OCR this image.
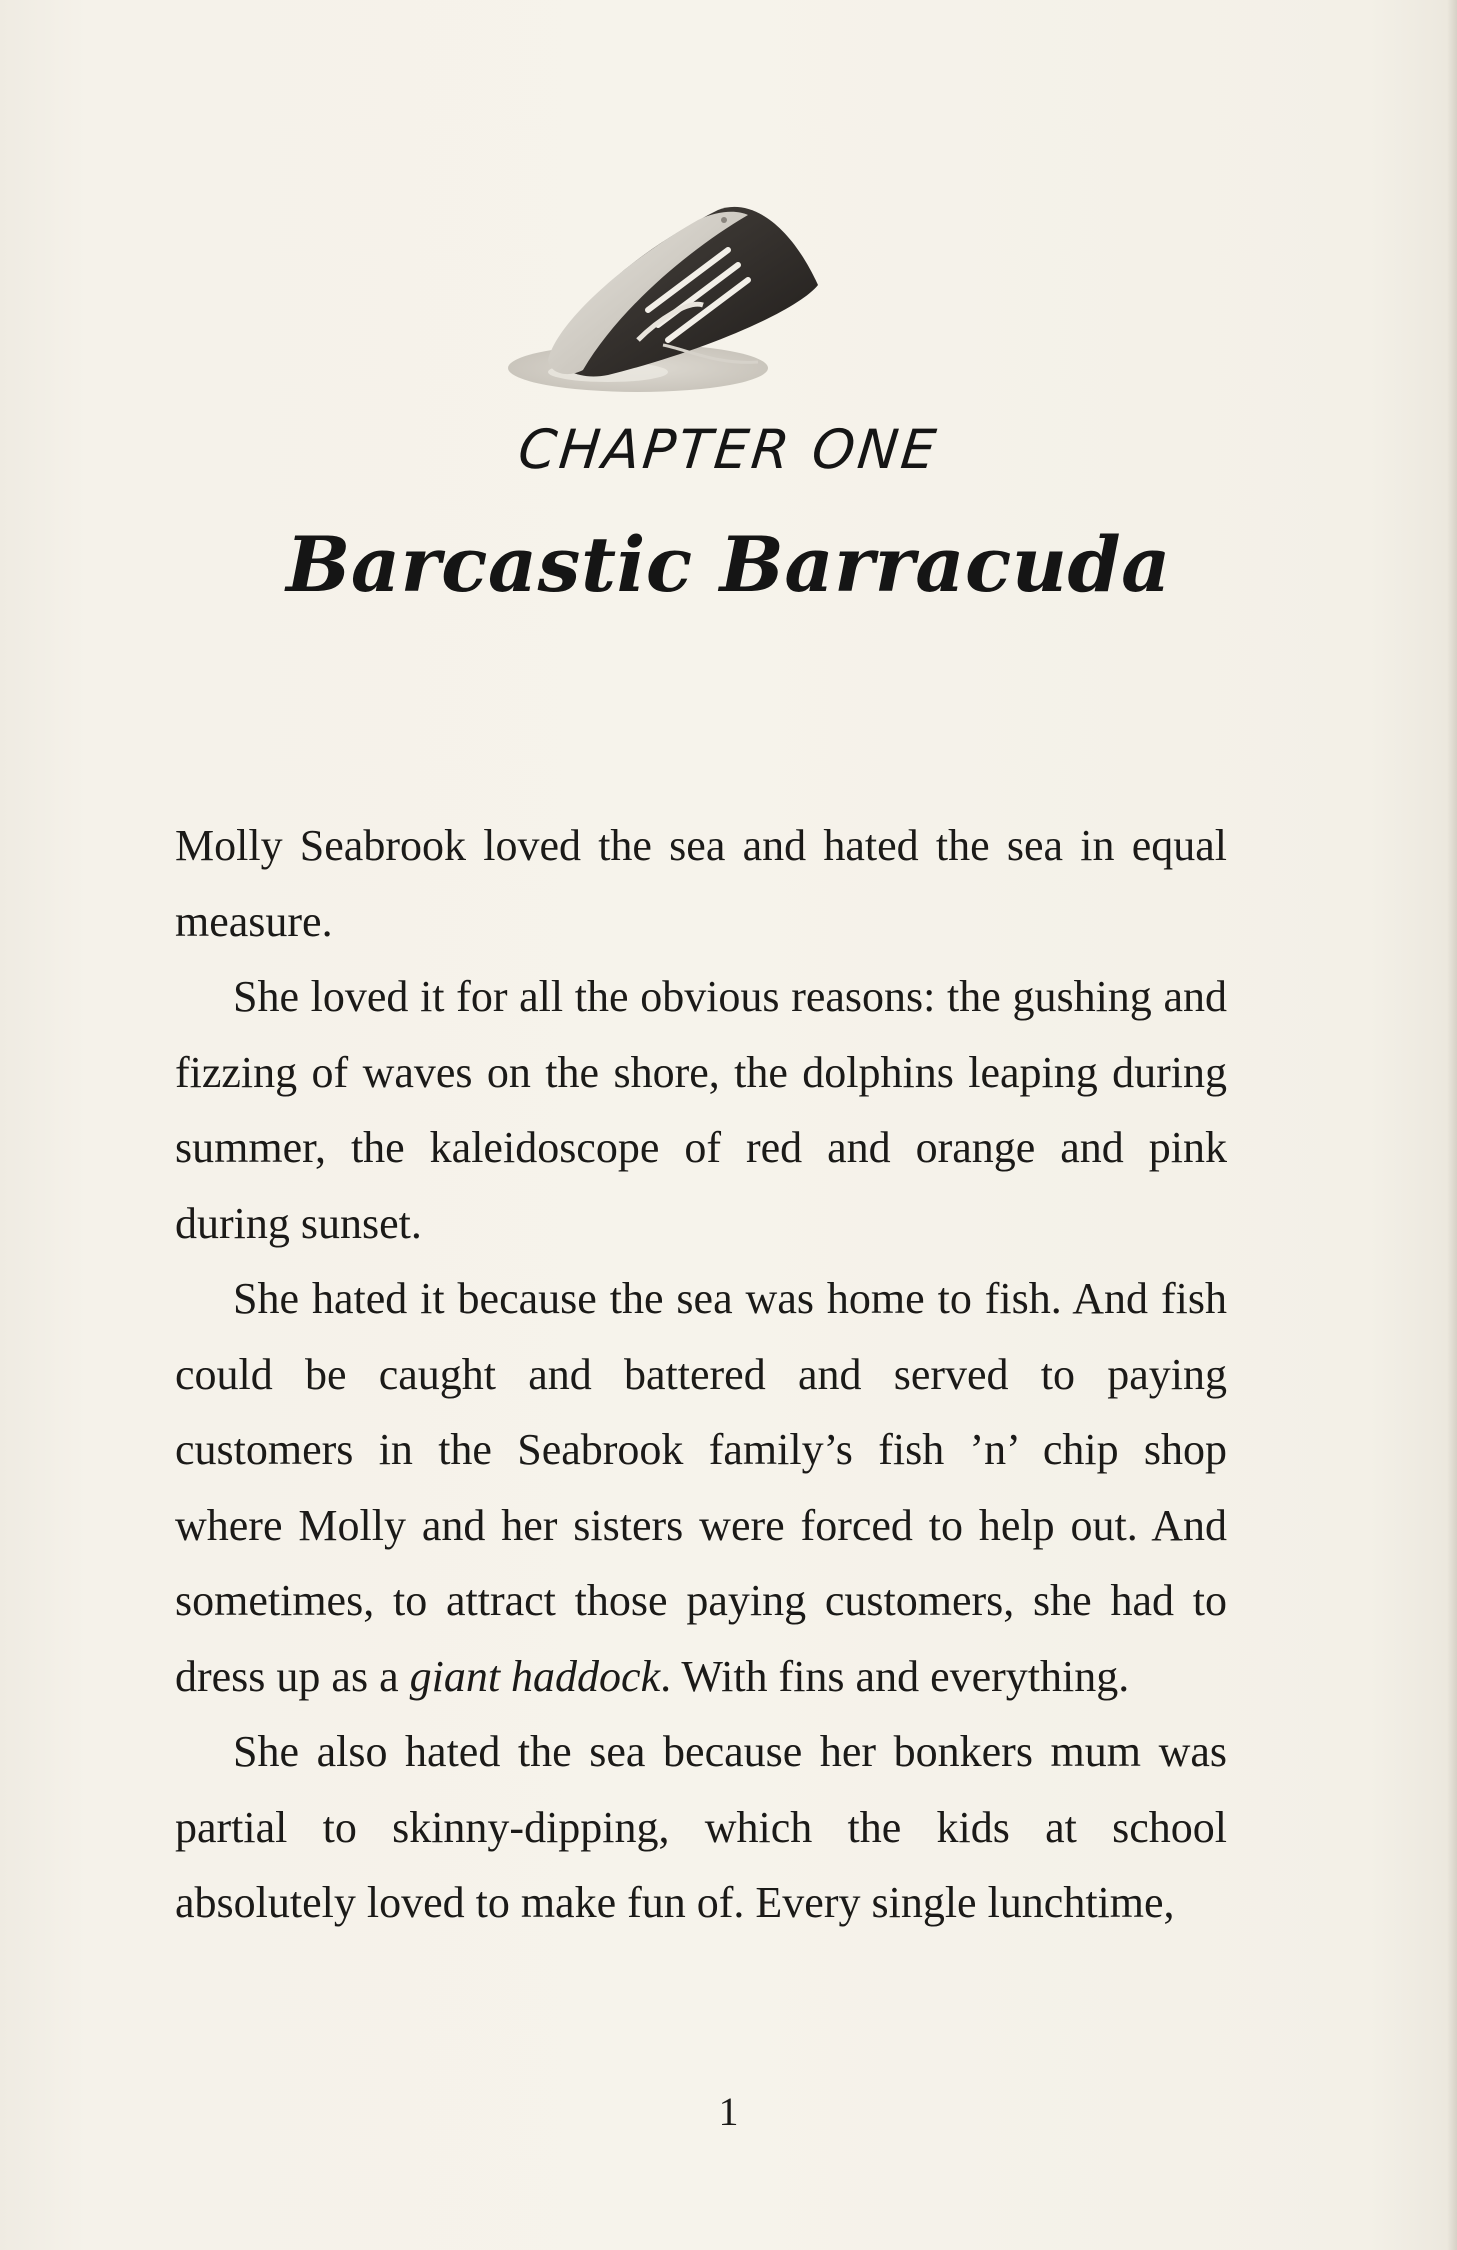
CHAPTER ONE
Barcastic Barracuda

Molly Seabrook loved the sea and hated the sea in equal measure.

She loved it for all the obvious reasons: the gushing and fizzing of waves on the shore, the dolphins leaping during summer, the kaleidoscope of red and orange and pink during sunset.

She hated it because the sea was home to fish. And fish could be caught and battered and served to paying customers in the Seabrook family’s fish ’n’ chip shop where Molly and her sisters were forced to help out. And sometimes, to attract those paying customers, she had to dress up as a giant haddock. With fins and everything.

She also hated the sea because her bonkers mum was partial to skinny-dipping, which the kids at school absolutely loved to make fun of. Every single lunchtime,

1
